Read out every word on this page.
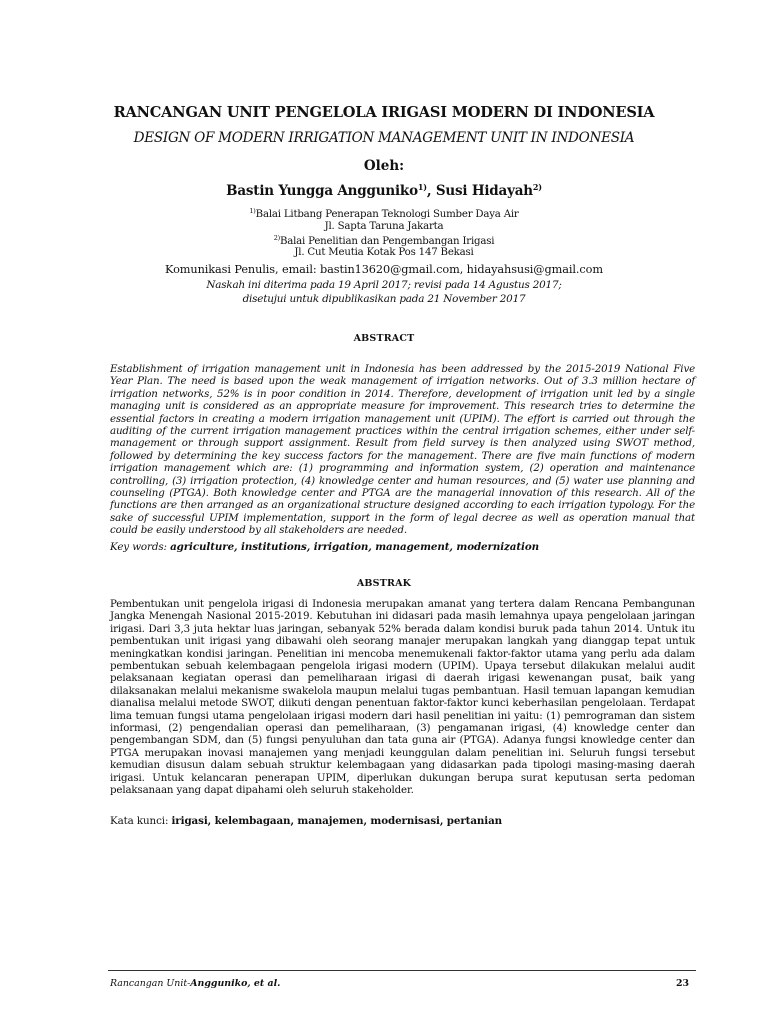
RANCANGAN UNIT PENGELOLA IRIGASI MODERN DI INDONESIA
DESIGN OF MODERN IRRIGATION MANAGEMENT UNIT IN INDONESIA
Oleh:
Bastin Yungga Angguniko$^{1)}$, Susi Hidayah$^{2)}$
$^{1)}$Balai Litbang Penerapan Teknologi Sumber Daya Air
Jl. Sapta Taruna Jakarta
$^{2)}$Balai Penelitian dan Pengembangan Irigasi
Jl. Cut Meutia Kotak Pos 147 Bekasi
Komunikasi Penulis, email: bastin13620@gmail.com, hidayahsusi@gmail.com
Naskah ini diterima pada 19 April 2017; revisi pada 14 Agustus 2017;
disetujui untuk dipublikasikan pada 21 November 2017
ABSTRACT
Establishment of irrigation management unit in Indonesia has been addressed by the 2015-2019 National Five Year Plan. The need is based upon the weak management of irrigation networks. Out of 3.3 million hectare of irrigation networks, 52% is in poor condition in 2014. Therefore, development of irrigation unit led by a single managing unit is considered as an appropriate measure for improvement. This research tries to determine the essential factors in creating a modern irrigation management unit (UPIM). The effort is carried out through the auditing of the current irrigation management practices within the central irrigation schemes, either under self-management or through support assignment. Result from field survey is then analyzed using SWOT method, followed by determining the key success factors for the management. There are five main functions of modern irrigation management which are: (1) programming and information system, (2) operation and maintenance controlling, (3) irrigation protection, (4) knowledge center and human resources, and (5) water use planning and counseling (PTGA). Both knowledge center and PTGA are the managerial innovation of this research. All of the functions are then arranged as an organizational structure designed according to each irrigation typology. For the sake of successful UPIM implementation, support in the form of legal decree as well as operation manual that could be easily understood by all stakeholders are needed.
Key words: agriculture, institutions, irrigation, management, modernization
ABSTRAK
Pembentukan unit pengelola irigasi di Indonesia merupakan amanat yang tertera dalam Rencana Pembangunan Jangka Menengah Nasional 2015-2019. Kebutuhan ini didasari pada masih lemahnya upaya pengelolaan jaringan irigasi. Dari 3,3 juta hektar luas jaringan, sebanyak 52% berada dalam kondisi buruk pada tahun 2014. Untuk itu pembentukan unit irigasi yang dibawahi oleh seorang manajer merupakan langkah yang dianggap tepat untuk meningkatkan kondisi jaringan. Penelitian ini mencoba menemukenali faktor-faktor utama yang perlu ada dalam pembentukan sebuah kelembagaan pengelola irigasi modern (UPIM). Upaya tersebut dilakukan melalui audit pelaksanaan kegiatan operasi dan pemeliharaan irigasi di daerah irigasi kewenangan pusat, baik yang dilaksanakan melalui mekanisme swakelola maupun melalui tugas pembantuan. Hasil temuan lapangan kemudian dianalisa melalui metode SWOT, diikuti dengan penentuan faktor-faktor kunci keberhasilan pengelolaan. Terdapat lima temuan fungsi utama pengelolaan irigasi modern dari hasil penelitian ini yaitu: (1) pemrograman dan sistem informasi, (2) pengendalian operasi dan pemeliharaan, (3) pengamanan irigasi, (4) knowledge center dan pengembangan SDM, dan (5) fungsi penyuluhan dan tata guna air (PTGA). Adanya fungsi knowledge center dan PTGA merupakan inovasi manajemen yang menjadi keunggulan dalam penelitian ini. Seluruh fungsi tersebut kemudian disusun dalam sebuah struktur kelembagaan yang didasarkan pada tipologi masing-masing daerah irigasi. Untuk kelancaran penerapan UPIM, diperlukan dukungan berupa surat keputusan serta pedoman pelaksanaan yang dapat dipahami oleh seluruh stakeholder.
Kata kunci: irigasi, kelembagaan, manajemen, modernisasi, pertanian
Rancangan Unit-Angguniko, et al.	23
